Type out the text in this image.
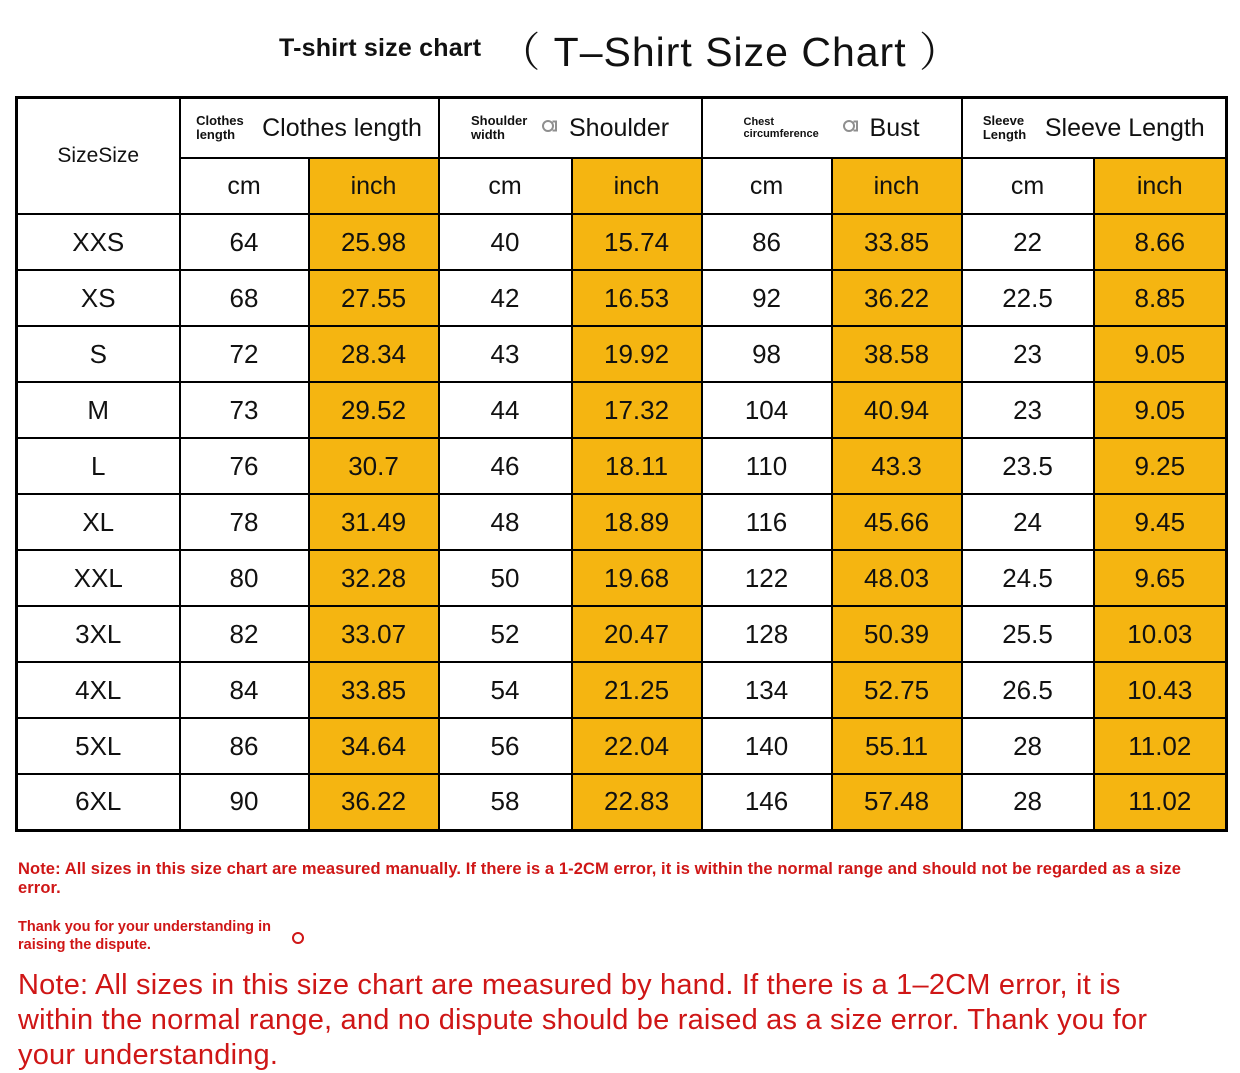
T-shirt size chart （ T–Shirt Size Chart ）
SizeSize	Clothes length Clothes length		Shoulder width Shoulder		Chest circumference Bust		Sleeve Length Sleeve Length	

	cm	inch	cm	inch	cm	inch	cm	inch
XXS	64	25.98	40	15.74	86	33.85	22	8.66
XS	68	27.55	42	16.53	92	36.22	22.5	8.85
S	72	28.34	43	19.92	98	38.58	23	9.05
M	73	29.52	44	17.32	104	40.94	23	9.05
L	76	30.7	46	18.11	110	43.3	23.5	9.25
XL	78	31.49	48	18.89	116	45.66	24	9.45
XXL	80	32.28	50	19.68	122	48.03	24.5	9.65
3XL	82	33.07	52	20.47	128	50.39	25.5	10.03
4XL	84	33.85	54	21.25	134	52.75	26.5	10.43
5XL	86	34.64	56	22.04	140	55.11	28	11.02
6XL	90	36.22	58	22.83	146	57.48	28	11.02
Note: All sizes in this size chart are measured manually. If there is a 1-2CM error, it is within the normal range and should not be regarded as a size error.
Thank you for your understanding in raising the dispute.
Note: All sizes in this size chart are measured by hand. If there is a 1–2CM error, it is within the normal range, and no dispute should be raised as a size error. Thank you for your understanding.
